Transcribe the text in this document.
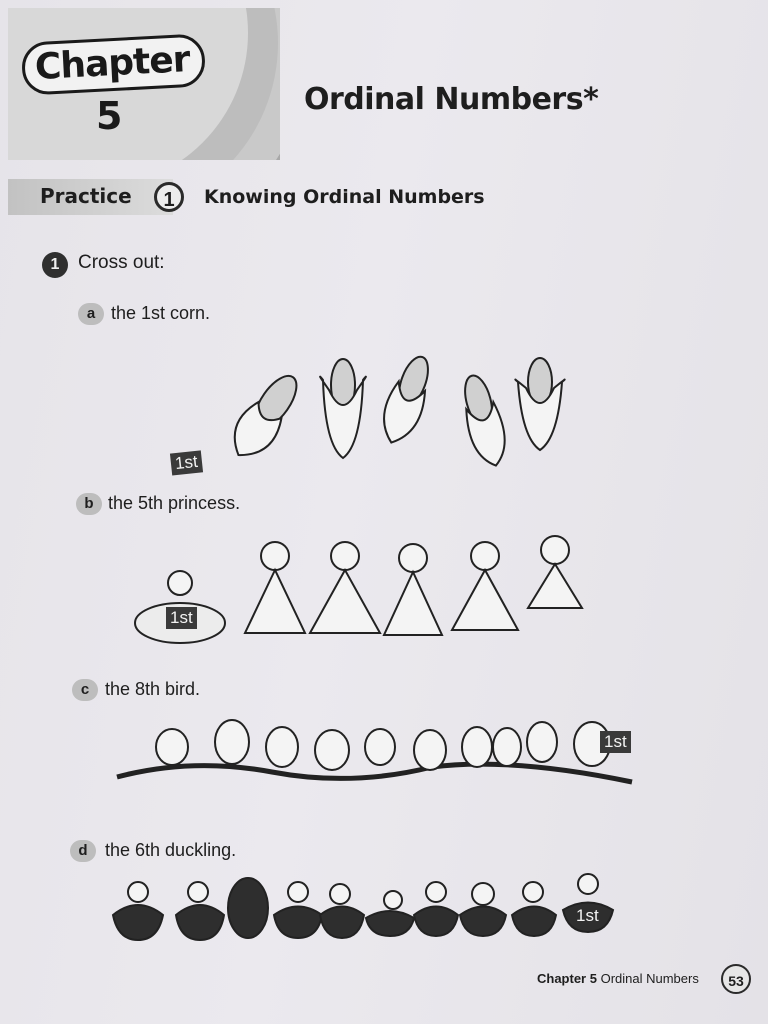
Chapter
5	Ordinal Numbers*
Practice	1	Knowing Ordinal Numbers
1 Cross out:
a the 1st corn.
1st
b the 5th princess.
1st
c the 8th bird.
1st
d the 6th duckling.
1st
Chapter 5 Ordinal Numbers	53
